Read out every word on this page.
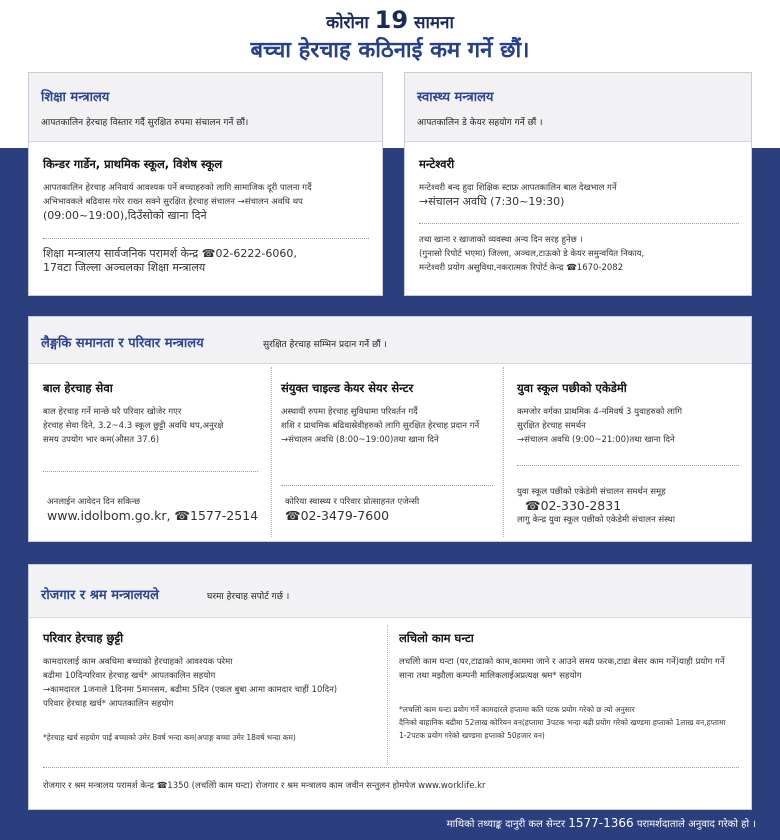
कोरोना 19 सामना
बच्चा हेरचाह कठिनाई कम गर्ने छौं।
शिक्षा मन्त्रालय
आपतकालिन हेरचाह विस्तार गर्दै सुरक्षित रुपमा संचालन गर्ने छौं।
किन्डर गार्डेन, प्राथमिक स्कूल, विशेष स्कूल
आपतकालिन हेरचाह अनिवार्य आवश्यक पर्ने बच्चाहरुको लागि सामाजिक दूरी पालना गर्दै
अभिभावकले बढिवास गरेर राख्न सक्ने सुरक्षित हेरचाह संचालन →संचालन अवधि थप
(09:00~19:00),दिउँसोको खाना दिने
शिक्षा मन्त्रालय सार्वजनिक परामर्श केन्द्र ☎02-6222-6060,
17वटा जिल्ला अञ्चलका शिक्षा मन्त्रालय
स्वास्थ्य मन्त्रालय
आपतकालिन डे केयर सहयोग गर्ने छौं ।
मन्टेश्वरी
मन्टेश्वरी बन्द हुदा शिक्षिक स्टाफ्र आपतकालिन बाल देखभाल गर्ने
→संचालन अवधि (7:30~19:30)
तथा खाना र खाजाको व्यवस्था अन्य दिन सरह हुनेछ ।
(गुनासो रिपोर्ट भएमा) जिल्ला, अञ्चल,टाऊको डे केयर समुन्वयित निकाय,
मन्टेश्वरी प्रयोग असुविधा,नकरात्मक रिपोर्ट केन्द्र ☎1670-2082
लैङ्गकि समानता र परिवार मन्त्रालय	सुरक्षित हेरचाह सम्भिन प्रदान गर्ने छौं ।
बाल हेरचाह सेवा
बाल हेरचाह गर्ने मान्छे घरै परिवार खोजेर गएर
हेरचाह सेवा दिने, 3.2~4.3 स्कूल छुट्टी अवधि थप,अनुरक्षे
समय उपयोग भार कम(औसत 37.6)
अनलाईन आवेदन दिन सकिन्छ
www.idolbom.go.kr, ☎1577-2514
संयुक्त चाइल्ड केयर सेयर सेन्टर
अस्थायी रुपमा हेरचाह सुविधामा परिवर्तन गर्दै
शशि र प्राथमिक बढिवास्रेवीहरुको लागि सुरक्षित हेरचाह प्रदान गर्ने
→संचालन अवधि (8:00~19:00)तथा खाना दिने
कोरिया स्वास्थ्य र परिवार प्रोत्साहनत एजेन्सी
☎02-3479-7600
युवा स्कूल पछीको एकेडेमी
कमजोर वर्गका प्राथमिक 4-नमिवर्ष 3 युवाहरुको लागि
सुरक्षित हेरचाह समर्थन
→संचालन अवधि (9:00~21:00)तथा खाना दिने
युवा स्कूल पछीको एकेडेमी संचालन समर्थन समूह
☎02-330-2831
लागु केन्द्र युवा स्कूल पछीको एकेडेमी संचालन संस्था
रोजगार र श्रम मन्त्रालयले	घरमा हेरचाह सपोर्ट गर्छ ।
परिवार हेरचाह छुट्टी
कामदारलाई काम अवधिमा बच्चाको हेरचाहको आवश्यक परेमा
बढीमा 10दिन्परिवार हेरचाह खर्च* आपतकालिन सहयोग
→कामदारल 1जनाले 1दिनमा 5मानसम, बढीमा 5दिन (एकल बुबा आमा कामदार चाहीं 10दिन)
परिवार हेरचाह खर्च* आपतकालिन सहयोग
*हेरचाह खर्च सहयोग पाईं बच्चाको उमेर 8वर्ष भन्दा कम(अपाङ्ग बच्चा उमेर 18वर्ष भन्दा कम)
लचिलो काम घन्टा
लचलिो काम घन्टा (घर,टाढाको काम,काममा जाने र आउने समय फरक,टाढा बेसर काम गर्ने)याही प्रयोग गर्ने
साना तथा मझौला कम्पनी मालिकलाईअप्रत्यक्ष श्रम* सहयोग
*लचलिो काम घन्टा प्रयोग गर्ने कामदारले हप्तामा कति पटक प्रयोग गरेको छ त्यो अनुसार
दैनिको बाहानिक बढीमा 52लाख कोरियन वन(हप्तामा 3पटक भन्दा बढी प्रयोग गरेको खण्डमा हप्ताको 1लाख वन,हप्तामा
1-2पटक प्रयोग गरेको खण्डमा हप्ताको 50हजार वन)
रोजगार र श्रम मन्त्रालय परामर्श केन्द्र ☎1350 (लचलिो काम घन्टा) रोजगार र श्रम मन्त्रालय काम जवीन सन्तुलन होमपेज www.worklife.kr
माथिको तथ्याङ्क दानुरी कल सेन्टर 1577-1366 परामर्शदाताले अनुवाद गरेको हो ।
